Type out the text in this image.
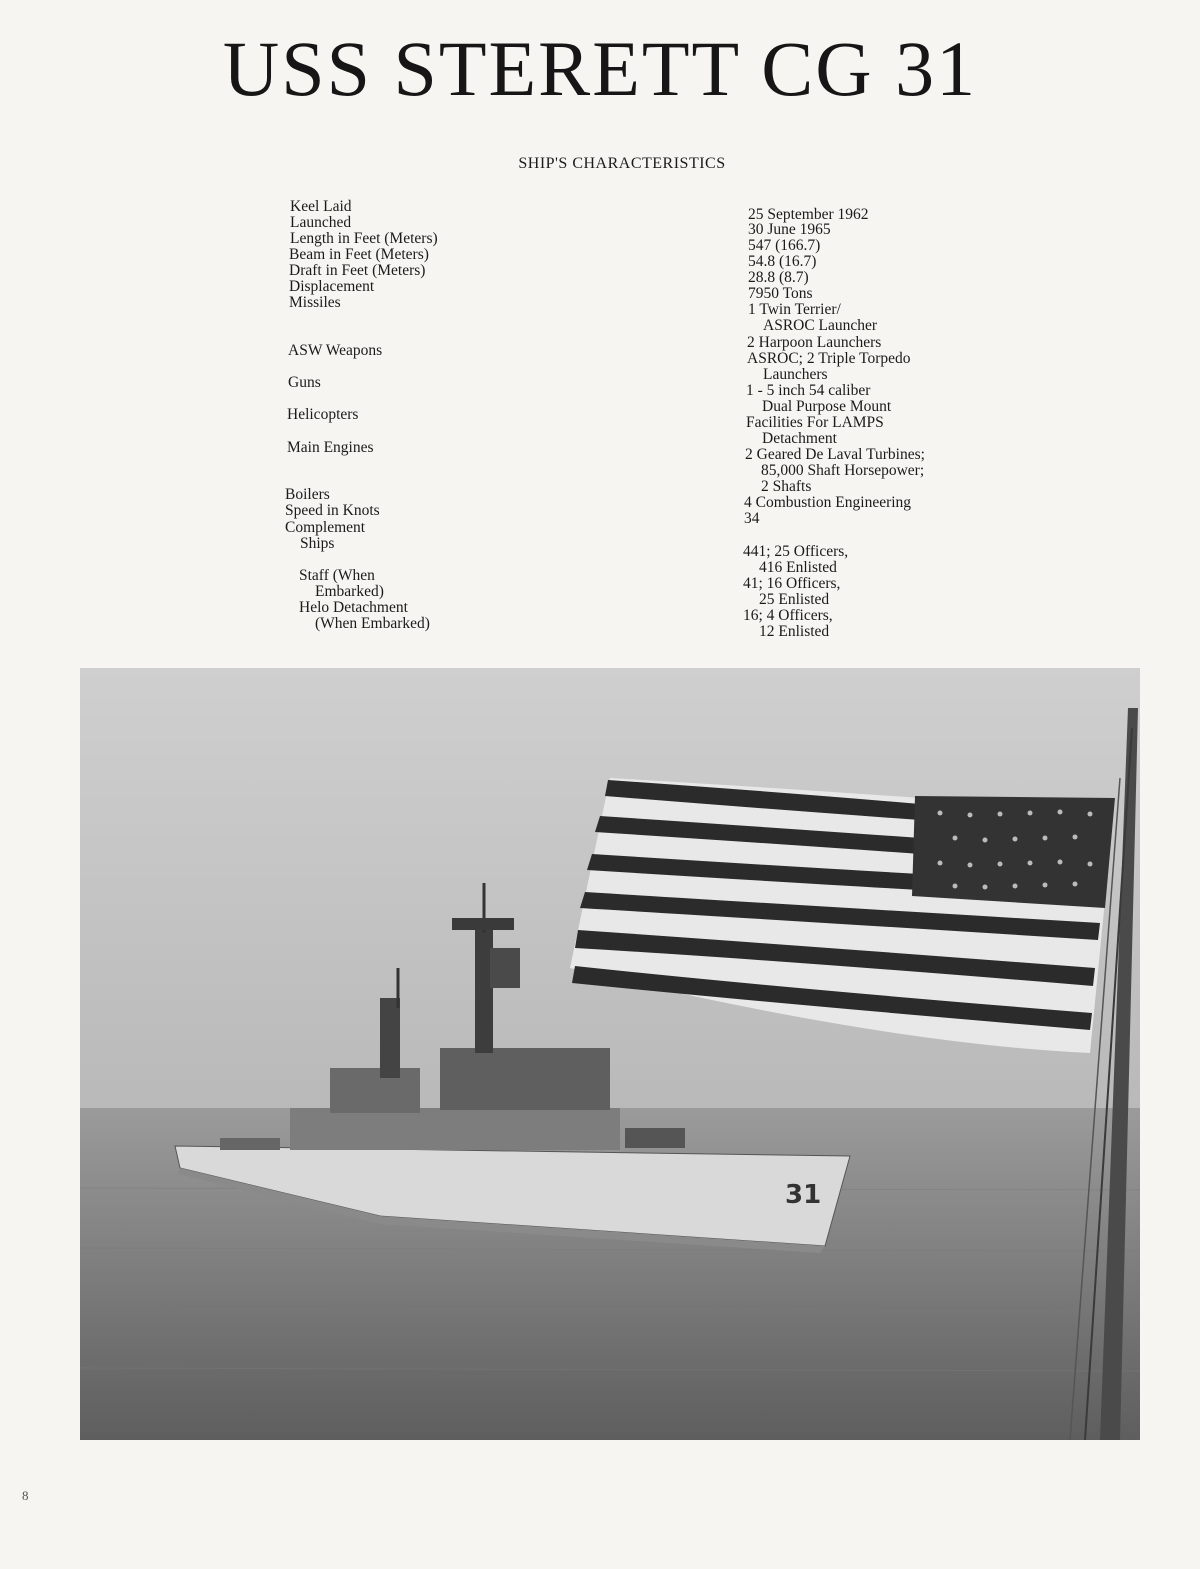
USS STERETT CG 31
SHIP'S CHARACTERISTICS
Keel Laid
Launched
Length in Feet (Meters)
Beam in Feet (Meters)
Draft in Feet (Meters)
Displacement
Missiles
ASW Weapons
Guns
Helicopters
Main Engines
Boilers
Speed in Knots
Complement
Ships
Staff (When
Embarked)
Helo Detachment
(When Embarked)
25 September 1962
30 June 1965
547 (166.7)
54.8 (16.7)
28.8 (8.7)
7950 Tons
1 Twin Terrier/
ASROC Launcher
2 Harpoon Launchers
ASROC; 2 Triple Torpedo
Launchers
1 - 5 inch 54 caliber
Dual Purpose Mount
Facilities For LAMPS
Detachment
2 Geared De Laval Turbines;
85,000 Shaft Horsepower;
2 Shafts
4 Combustion Engineering
34
441; 25 Officers,
416 Enlisted
41; 16 Officers,
25 Enlisted
16; 4 Officers,
12 Enlisted
31
8
